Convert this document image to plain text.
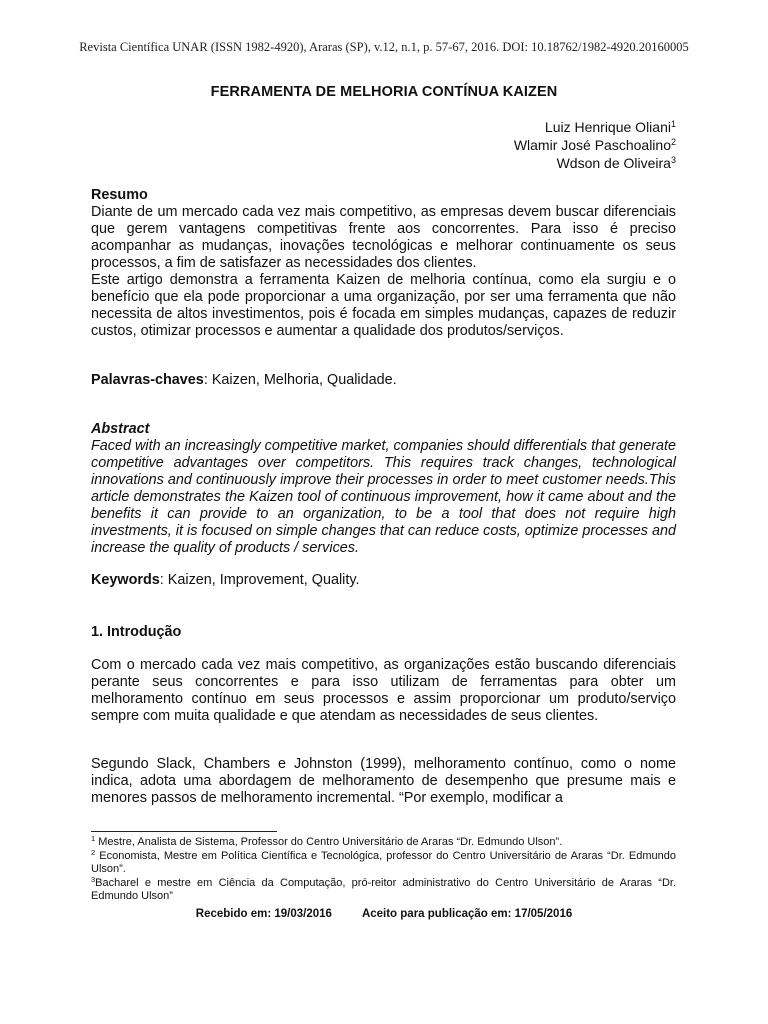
Revista Científica UNAR (ISSN 1982-4920), Araras (SP), v.12, n.1, p. 57-67, 2016. DOI: 10.18762/1982-4920.20160005
FERRAMENTA DE MELHORIA CONTÍNUA KAIZEN
Luiz Henrique Oliani$^1$
Wlamir José Paschoalino$^2$
Wdson de Oliveira$^3$
Resumo
Diante de um mercado cada vez mais competitivo, as empresas devem buscar diferenciais que gerem vantagens competitivas frente aos concorrentes. Para isso é preciso acompanhar as mudanças, inovações tecnológicas e melhorar continuamente os seus processos, a fim de satisfazer as necessidades dos clientes.
Este artigo demonstra a ferramenta Kaizen de melhoria contínua, como ela surgiu e o benefício que ela pode proporcionar a uma organização, por ser uma ferramenta que não necessita de altos investimentos, pois é focada em simples mudanças, capazes de reduzir custos, otimizar processos e aumentar a qualidade dos produtos/serviços.
Palavras-chaves: Kaizen, Melhoria, Qualidade.
Abstract
Faced with an increasingly competitive market, companies should differentials that generate competitive advantages over competitors. This requires track changes, technological innovations and continuously improve their processes in order to meet customer needs.This article demonstrates the Kaizen tool of continuous improvement, how it came about and the benefits it can provide to an organization, to be a tool that does not require high investments, it is focused on simple changes that can reduce costs, optimize processes and increase the quality of products / services.
Keywords: Kaizen, Improvement, Quality.
1. Introdução
Com o mercado cada vez mais competitivo, as organizações estão buscando diferenciais perante seus concorrentes e para isso utilizam de ferramentas para obter um melhoramento contínuo em seus processos e assim proporcionar um produto/serviço sempre com muita qualidade e que atendam as necessidades de seus clientes.
Segundo Slack, Chambers e Johnston (1999), melhoramento contínuo, como o nome indica, adota uma abordagem de melhoramento de desempenho que presume mais e menores passos de melhoramento incremental. “Por exemplo, modificar a
$^1$ Mestre, Analista de Sistema, Professor do Centro Universitário de Araras “Dr. Edmundo Ulson”.
$^2$ Economista, Mestre em Política Científica e Tecnológica, professor do Centro Universitário de Araras “Dr. Edmundo Ulson”.
$^3$Bacharel e mestre em Ciência da Computação, pró-reitor administrativo do Centro Universitário de Araras “Dr. Edmundo Ulson”
Recebido em: 19/03/2016	Aceito para publicação em: 17/05/2016
